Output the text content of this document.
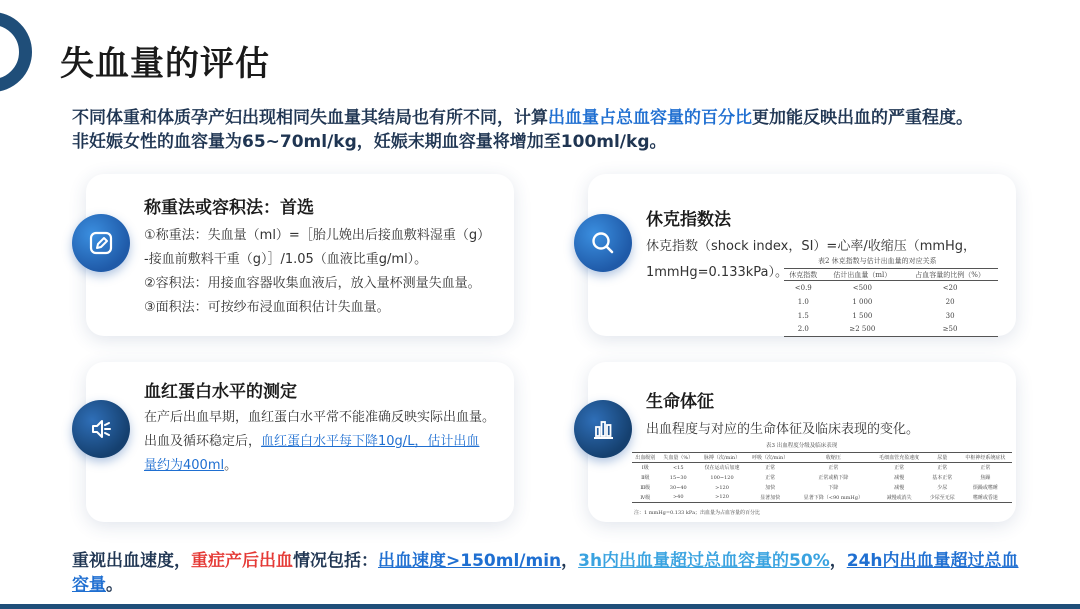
失血量的评估
不同体重和体质孕产妇出现相同失血量其结局也有所不同，计算出血量占总血容量的百分比更加能反映出血的严重程度。
非妊娠女性的血容量为65~70ml/kg，妊娠末期血容量将增加至100ml/kg。
称重法或容积法：首选
①称重法：失血量（ml）=［胎儿娩出后接血敷料湿重（g）
-接血前敷料干重（g）］/1.05（血液比重g/ml）。
②容积法：用接血容器收集血液后，放入量杯测量失血量。
③面积法：可按纱布浸血面积估计失血量。
休克指数法
休克指数（shock index，SI）=心率/收缩压（mmHg，
1mmHg=0.133kPa）。
表2 休克指数与估计出血量的对应关系
休克指数	估计出血量（ml）	占血容量的比例（%）
<0.9	<500	<20
1.0	1 000	20
1.5	1 500	30
2.0	≥2 500	≥50
血红蛋白水平的测定
在产后出血早期，血红蛋白水平常不能准确反映实际出血量。
出血及循环稳定后，血红蛋白水平每下降10g/L，估计出血
量约为400ml。
生命体征
出血程度与对应的生命体征及临床表现的变化。
表3 出血程度分级及临床表现
出血级别	失血量（%）	脉搏（次/min）	呼吸（次/min）	收缩压	毛细血管充盈速度	尿量	中枢神经系统症状
Ⅰ级	<15	仅在运动后加速	正常	正常	正常	正常	正常
Ⅱ级	15~30	100~120	正常	正常或稍下降	减慢	基本正常	焦躁
Ⅲ级	30~40	>120	加快	下降	减慢	少尿	烦躁或嗜睡
Ⅳ级	>40	>120	显著加快	显著下降（<90 mmHg）	减慢或消失	少尿至无尿	嗜睡或昏迷
注：1 mmHg=0.133 kPa；出血量为占血容量的百分比
重视出血速度，重症产后出血情况包括：出血速度>150ml/min，3h内出血量超过总血容量的50%，24h内出血量超过总血容量。
